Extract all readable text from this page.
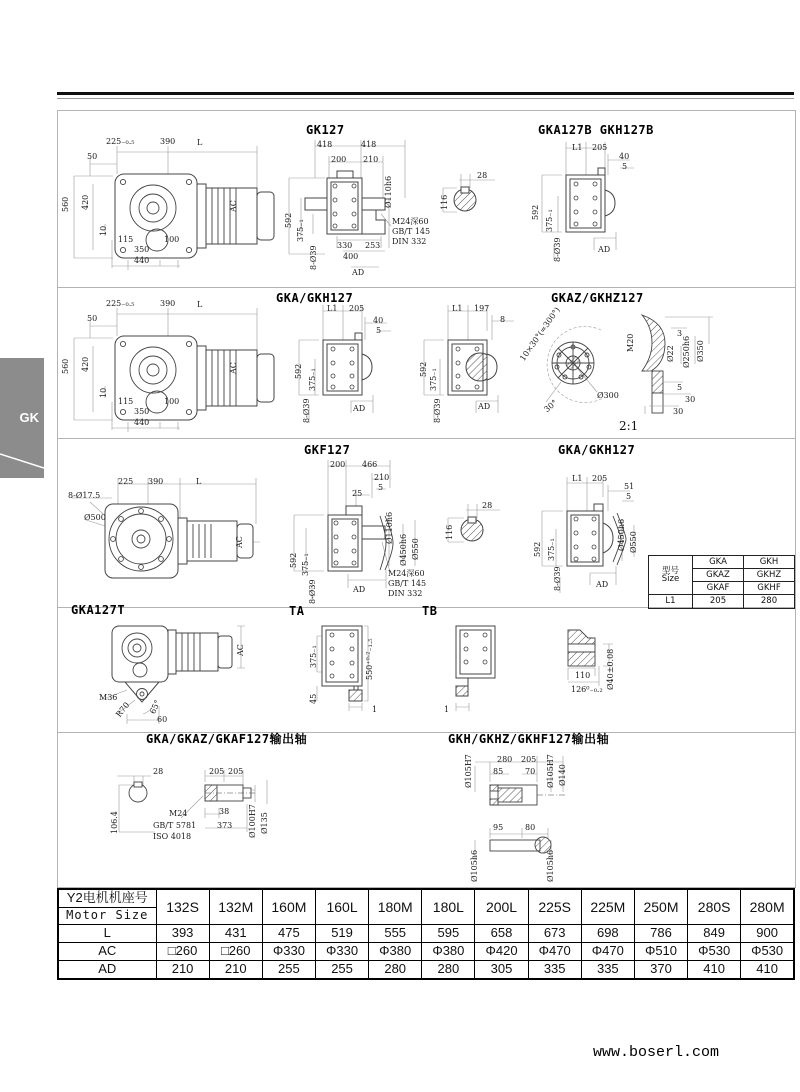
GK
GK127	GKA127B GKH127B
GKA/GKH127	GKAZ/GKHZ127
GKF127	GKA/GKH127
GKA127T	TA	TB
GKA/GKAZ/GKAF127输出轴	GKH/GKHZ/GKHF127输出轴
225₋₀.₅	390	L
50
560 420
10
AC
100
115
350
440
418	418
200 210
Ø110h6
592 375₋₁
8-Ø39 330 253
400
AD
M24深60
GB/T 145
DIN 332
28
116
L1 205
40
5
592 375₋₁
8-Ø39	AD
225₋₀.₅	390	L
50
560 420
10
AC
100
115
350
440
L1 205
40
5
592 375₋₁
8-Ø39	AD
L1 197
8
592 375₋₁
8-Ø39	AD
10×30°(=300°)
30°
Ø300
M20
3
Ø22 Ø250h6 Ø350
5
30
30
2:1
8-Ø17.5
Ø500
225 390	L
AC
200 466
210
5
25
Ø110h6
Ø450h6 Ø550
592 375₋₁
8-Ø39	AD
M24深60
GB/T 145
DIN 332
28
116
L1 205
51
5
592 375₋₁
8-Ø39	AD
Ø450h6 Ø550
型号
Size	GKA	GKH
	GKAZ	GKHZ
	GKAF	GKHF
L1	205	280
AC
M36
R70 65°
60
375₋₁	550⁺⁰·²₋₁.₅
45
1	1
110
126⁰₋₀.₂ Ø40±0.08
28
106.4	M24
GB/T 5781
ISO 4018
205 205
38
373 Ø100H7 Ø135
Ø105H7	280 205
85	70 Ø105H7 Ø140
95	80
Ø105h6	Ø105h6
Y2电机机座号
Motor Size	132S	132M	160M	160L	180M	180L	200L	225S	225M	250M	280S	280M
L	393	431	475	519	555	595	658	673	698	786	849	900
AC	□260	□260	Φ330	Φ330	Φ380	Φ380	Φ420	Φ470	Φ470	Φ510	Φ530	Φ530
AD	210	210	255	255	280	280	305	335	335	370	410	410
www.boserl.com
